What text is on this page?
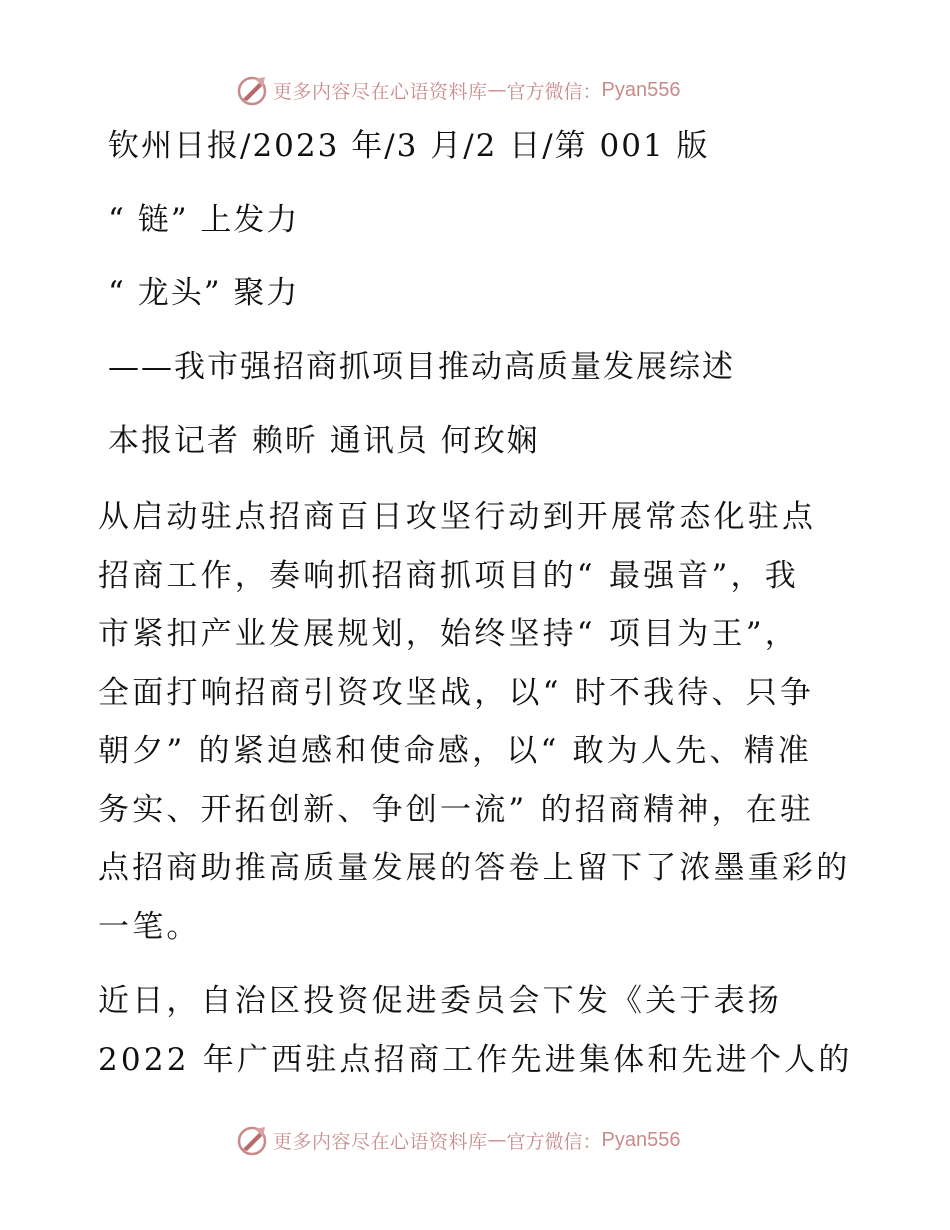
更多内容尽在心语资料库 — 官方微信： Pyan556
钦州日报/2023 年/3 月/2 日/第 001 版
“ 链” 上发力
“ 龙头” 聚力
——我市强招商抓项目推动高质量发展综述
本报记者 赖昕 通讯员 何玫娴
从启动驻点招商百日攻坚行动到开展常态化驻点
招商工作，奏响抓招商抓项目的“ 最强音”，我
市紧扣产业发展规划，始终坚持“ 项目为王”，
全面打响招商引资攻坚战，以“ 时不我待、只争
朝夕” 的紧迫感和使命感，以“ 敢为人先、精准
务实、开拓创新、争创一流” 的招商精神，在驻
点招商助推高质量发展的答卷上留下了浓墨重彩的
一笔。
近日，自治区投资促进委员会下发《关于表扬
2022 年广西驻点招商工作先进集体和先进个人的
更多内容尽在心语资料库 — 官方微信： Pyan556
